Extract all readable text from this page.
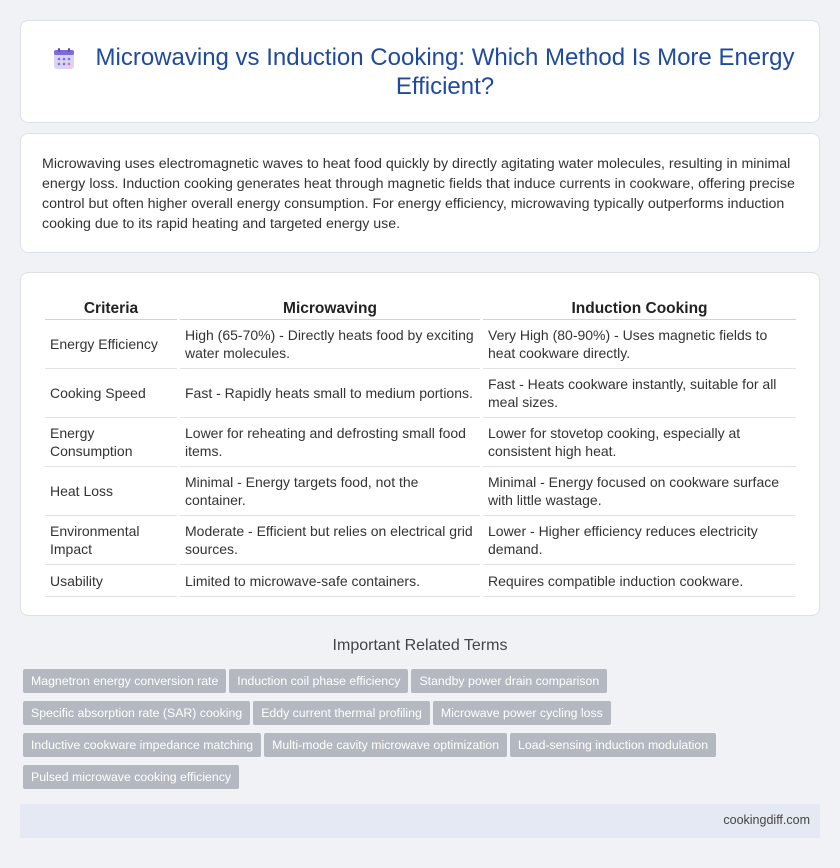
Microwaving vs Induction Cooking: Which Method Is More Energy Efficient?

Microwaving uses electromagnetic waves to heat food quickly by directly agitating water molecules, resulting in minimal energy loss. Induction cooking generates heat through magnetic fields that induce currents in cookware, offering precise control but often higher overall energy consumption. For energy efficiency, microwaving typically outperforms induction cooking due to its rapid heating and targeted energy use.

Criteria	Microwaving	Induction Cooking
Energy Efficiency	High (65-70%) - Directly heats food by exciting water molecules.	Very High (80-90%) - Uses magnetic fields to heat cookware directly.
Cooking Speed	Fast - Rapidly heats small to medium portions.	Fast - Heats cookware instantly, suitable for all meal sizes.
Energy Consumption	Lower for reheating and defrosting small food items.	Lower for stovetop cooking, especially at consistent high heat.
Heat Loss	Minimal - Energy targets food, not the container.	Minimal - Energy focused on cookware surface with little wastage.
Environmental Impact	Moderate - Efficient but relies on electrical grid sources.	Lower - Higher efficiency reduces electricity demand.
Usability	Limited to microwave-safe containers.	Requires compatible induction cookware.
Important Related Terms
Magnetron energy conversion rate Induction coil phase efficiency Standby power drain comparison
Specific absorption rate (SAR) cooking Eddy current thermal profiling Microwave power cycling loss
Inductive cookware impedance matching Multi-mode cavity microwave optimization Load-sensing induction modulation
Pulsed microwave cooking efficiency
cookingdiff.com
